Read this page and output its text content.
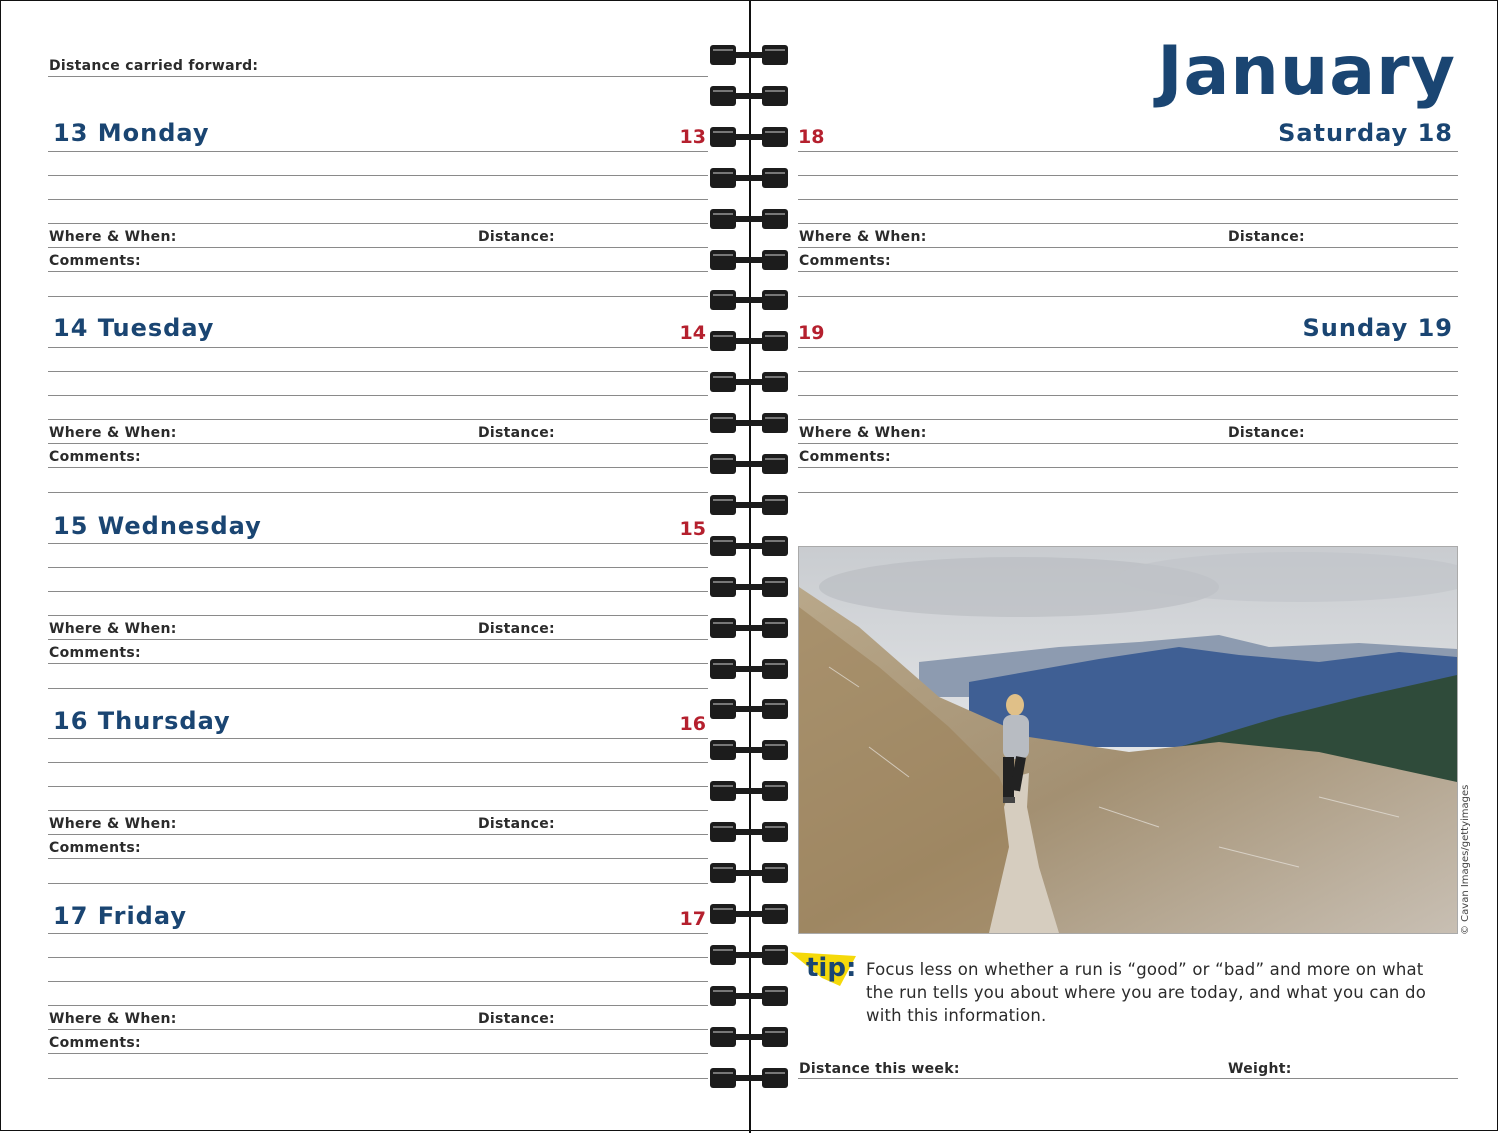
Distance carried forward:
13 Monday	13
Where & When:	Distance:
Comments:
14 Tuesday	14
Where & When:	Distance:
Comments:
15 Wednesday	15
Where & When:	Distance:
Comments:
16 Thursday	16
Where & When:	Distance:
Comments:
17 Friday	17
Where & When:	Distance:
Comments:
January
18	Saturday 18
Where & When:	Distance:
Comments:
19	Sunday 19
Where & When:	Distance:
Comments:
tip: Focus less on whether a run is “good” or “bad” and more on what the run tells you about where you are today, and what you can do with this information.
Distance this week:	Weight:
© Cavan Images/gettyimages
